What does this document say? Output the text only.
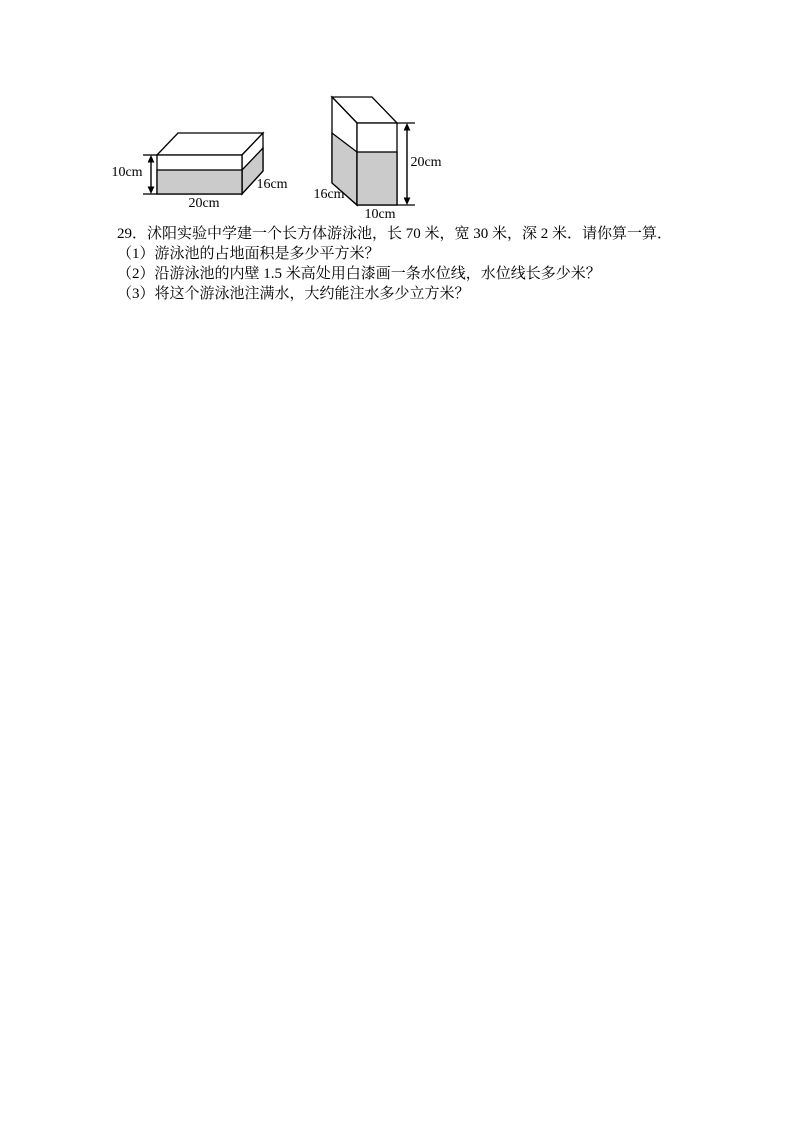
10cm
20cm
16cm
20cm
16cm
10cm
29．沭阳实验中学建一个长方体游泳池，长 70 米，宽 30 米，深 2 米．请你算一算．
（1）游泳池的占地面积是多少平方米？
（2）沿游泳池的内壁 1.5 米高处用白漆画一条水位线，水位线长多少米？
（3）将这个游泳池注满水，大约能注水多少立方米？
